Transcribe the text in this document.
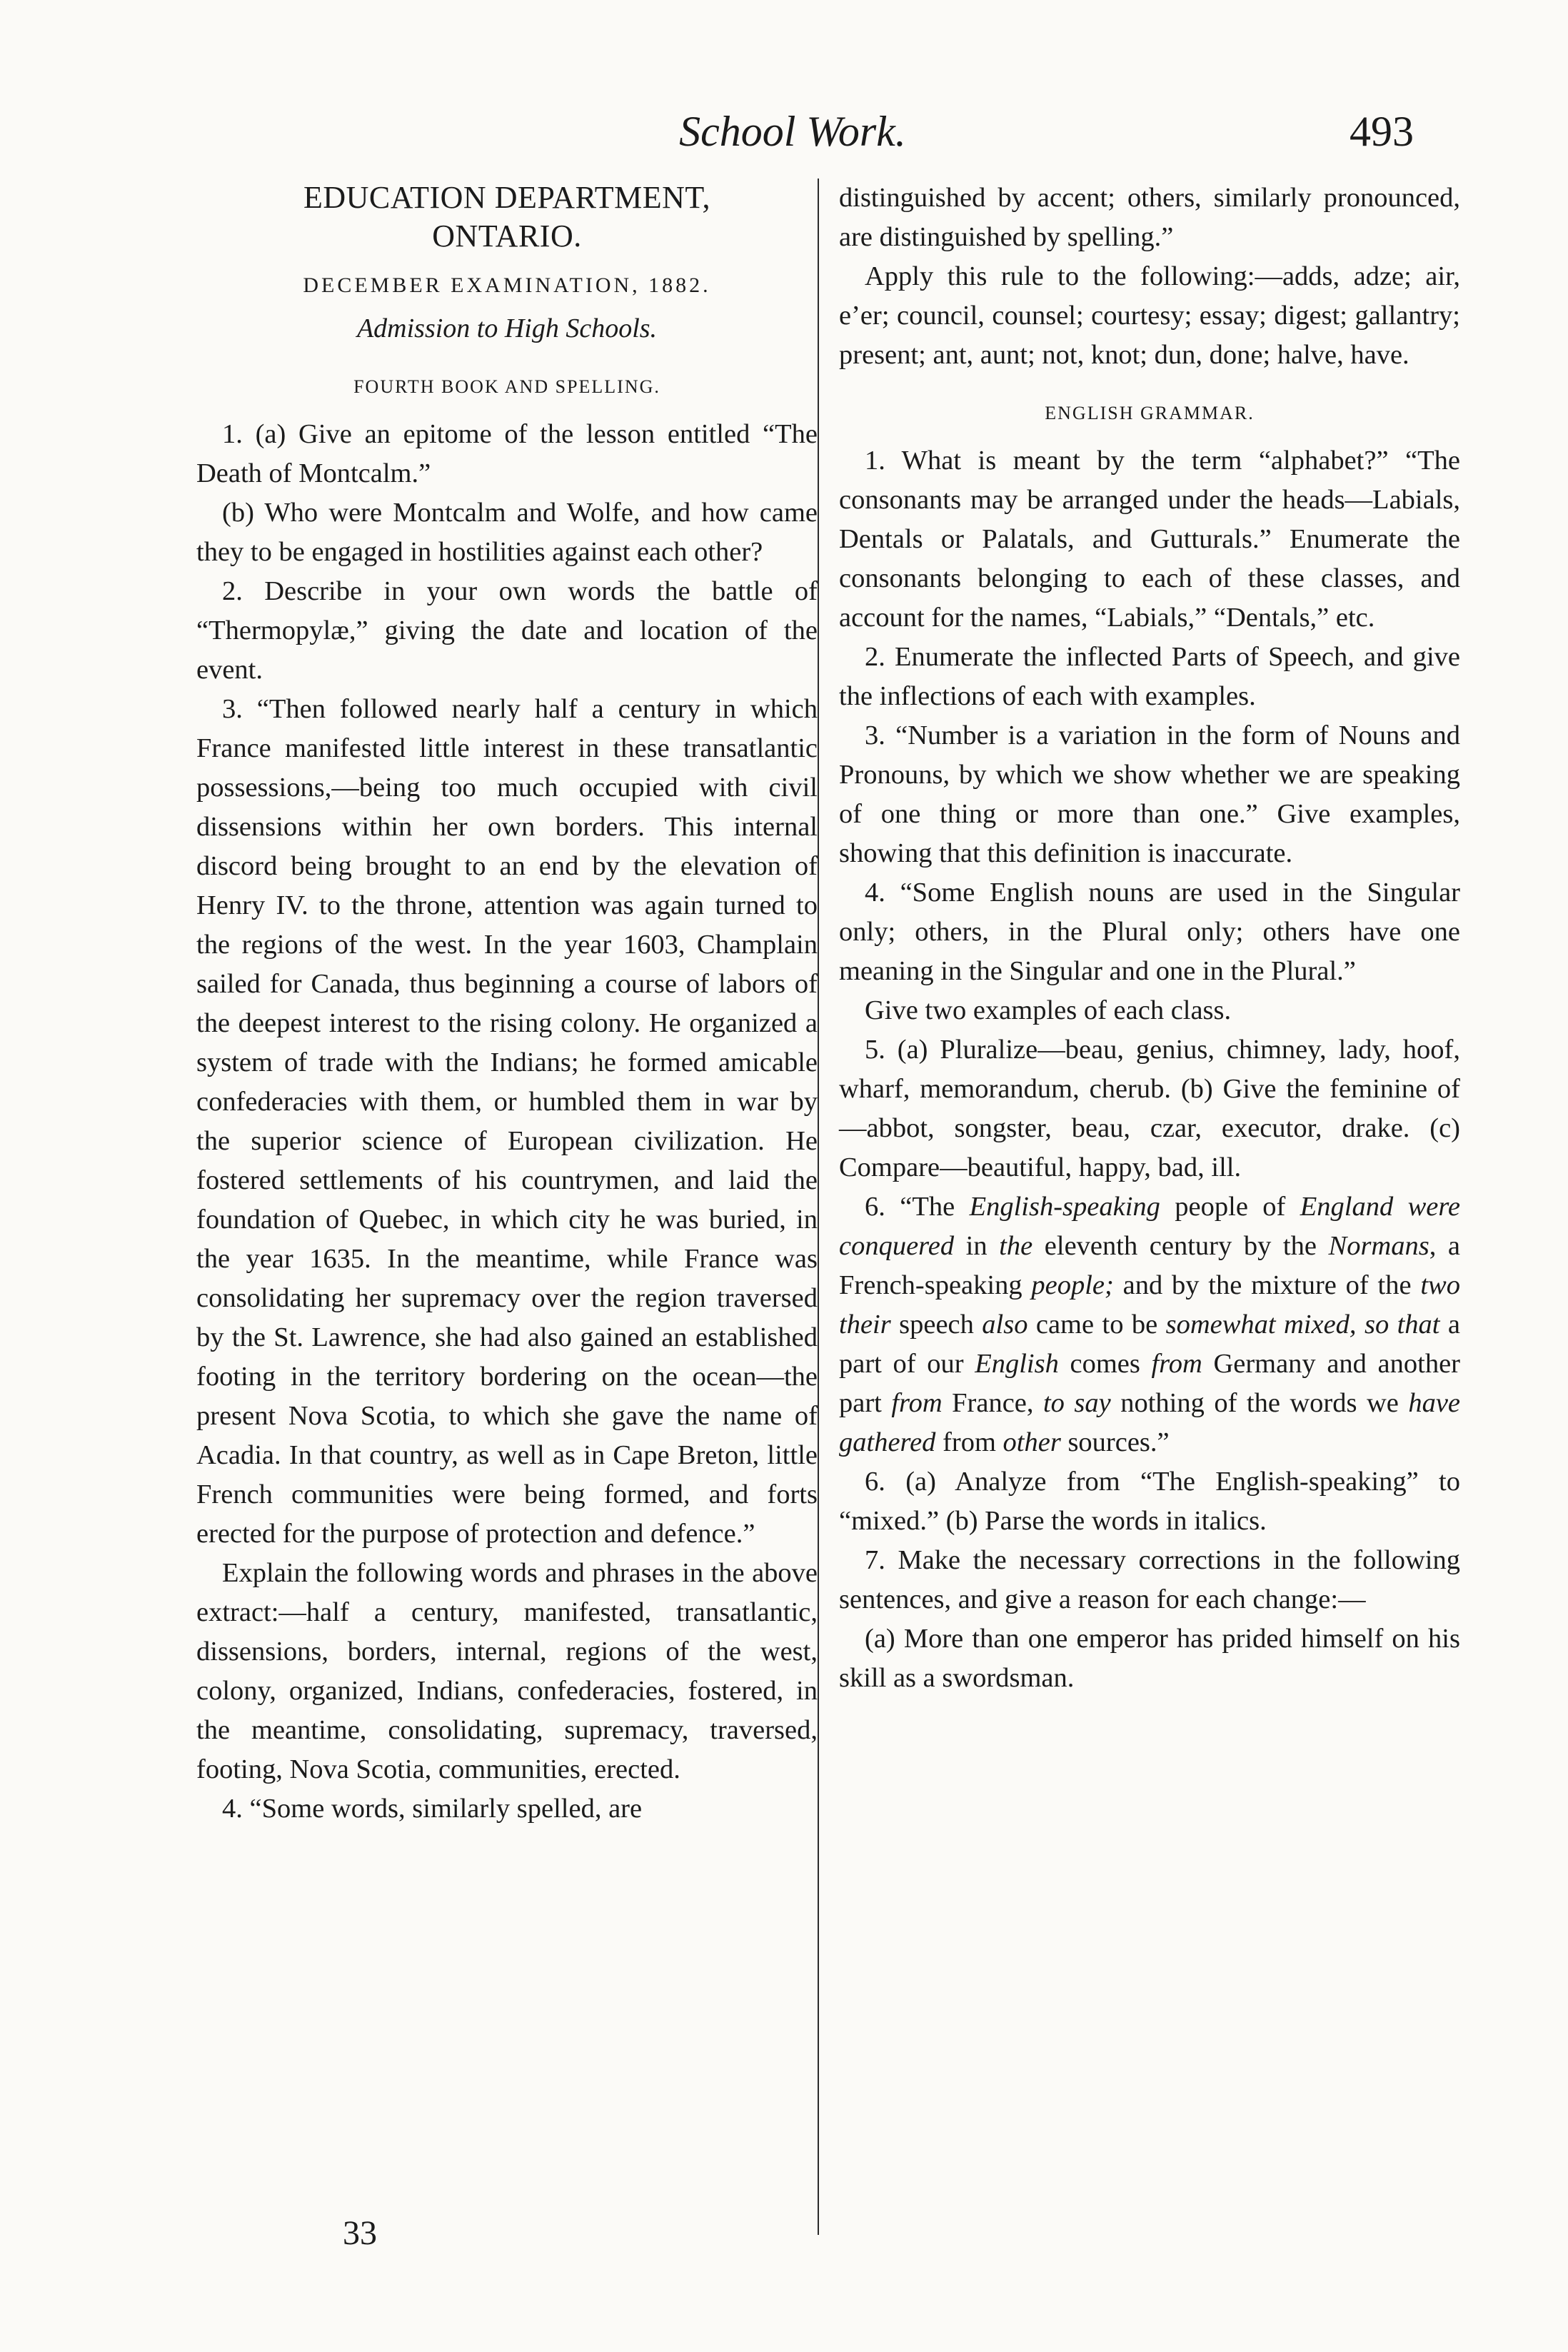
School Work.	493
EDUCATION DEPARTMENT,
ONTARIO.
DECEMBER EXAMINATION, 1882.
Admission to High Schools.
FOURTH BOOK AND SPELLING.

1. (a) Give an epitome of the lesson entitled “The Death of Montcalm.”

(b) Who were Montcalm and Wolfe, and how came they to be engaged in hostilities against each other?

2. Describe in your own words the battle of “Thermopylæ,” giving the date and location of the event.

3. “Then followed nearly half a century in which France manifested little interest in these transatlantic possessions,—being too much occupied with civil dissensions within her own borders. This internal discord being brought to an end by the elevation of Henry IV. to the throne, attention was again turned to the regions of the west. In the year 1603, Champlain sailed for Canada, thus beginning a course of labors of the deepest interest to the rising colony. He organized a system of trade with the Indians; he formed amicable confederacies with them, or humbled them in war by the superior science of European civilization. He fostered settlements of his countrymen, and laid the foundation of Quebec, in which city he was buried, in the year 1635. In the meantime, while France was consolidating her supremacy over the region traversed by the St. Lawrence, she had also gained an established footing in the territory bordering on the ocean—the present Nova Scotia, to which she gave the name of Acadia. In that country, as well as in Cape Breton, little French communities were being formed, and forts erected for the purpose of protection and defence.”

Explain the following words and phrases in the above extract:—half a century, manifested, transatlantic, dissensions, borders, internal, regions of the west, colony, organized, Indians, confederacies, fostered, in the meantime, consolidating, supremacy, traversed, footing, Nova Scotia, communities, erected.

4. “Some words, similarly spelled, are

33

distinguished by accent; others, similarly pronounced, are distinguished by spelling.”

Apply this rule to the following:—adds, adze; air, e’er; council, counsel; courtesy; essay; digest; gallantry; present; ant, aunt; not, knot; dun, done; halve, have.

ENGLISH GRAMMAR.

1. What is meant by the term “alphabet?” “The consonants may be arranged under the heads—Labials, Dentals or Palatals, and Gutturals.” Enumerate the consonants belonging to each of these classes, and account for the names, “Labials,” “Dentals,” etc.

2. Enumerate the inflected Parts of Speech, and give the inflections of each with examples.

3. “Number is a variation in the form of Nouns and Pronouns, by which we show whether we are speaking of one thing or more than one.” Give examples, showing that this definition is inaccurate.

4. “Some English nouns are used in the Singular only; others, in the Plural only; others have one meaning in the Singular and one in the Plural.”

Give two examples of each class.

5. (a) Pluralize—beau, genius, chimney, lady, hoof, wharf, memorandum, cherub. (b) Give the feminine of—abbot, songster, beau, czar, executor, drake. (c) Compare—beautiful, happy, bad, ill.

6. “The English-speaking people of England were conquered in the eleventh century by the Normans, a French-speaking people; and by the mixture of the two their speech also came to be somewhat mixed, so that a part of our English comes from Germany and another part from France, to say nothing of the words we have gathered from other sources.”

6. (a) Analyze from “The English-speaking” to “mixed.” (b) Parse the words in italics.

7. Make the necessary corrections in the following sentences, and give a reason for each change:—

(a) More than one emperor has prided himself on his skill as a swordsman.
